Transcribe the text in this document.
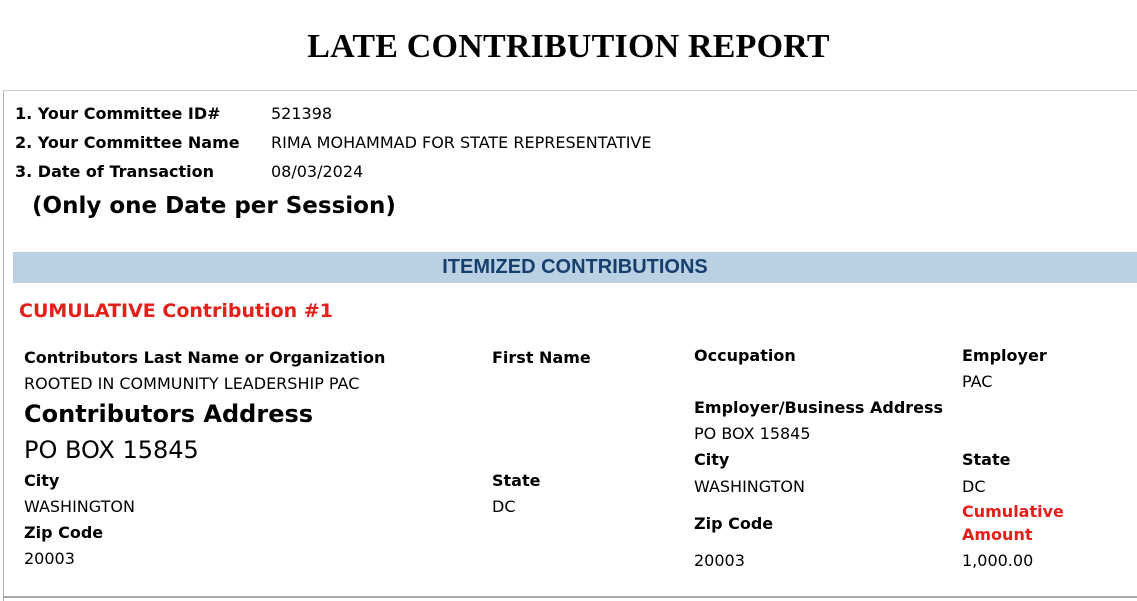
LATE CONTRIBUTION REPORT
1. Your Committee ID#	521398
2. Your Committee Name RIMA MOHAMMAD FOR STATE REPRESENTATIVE
3. Date of Transaction	08/03/2024
(Only one Date per Session)
ITEMIZED CONTRIBUTIONS
CUMULATIVE Contribution #1
Contributors Last Name or Organization
ROOTED IN COMMUNITY LEADERSHIP PAC
Contributors Address
PO BOX 15845
City
WASHINGTON
Zip Code
20003
First Name
State
DC
Occupation
Employer/Business Address
PO BOX 15845
City
WASHINGTON
Zip Code
20003
Employer
PAC
State
DC
Cumulative
Amount
1,000.00
